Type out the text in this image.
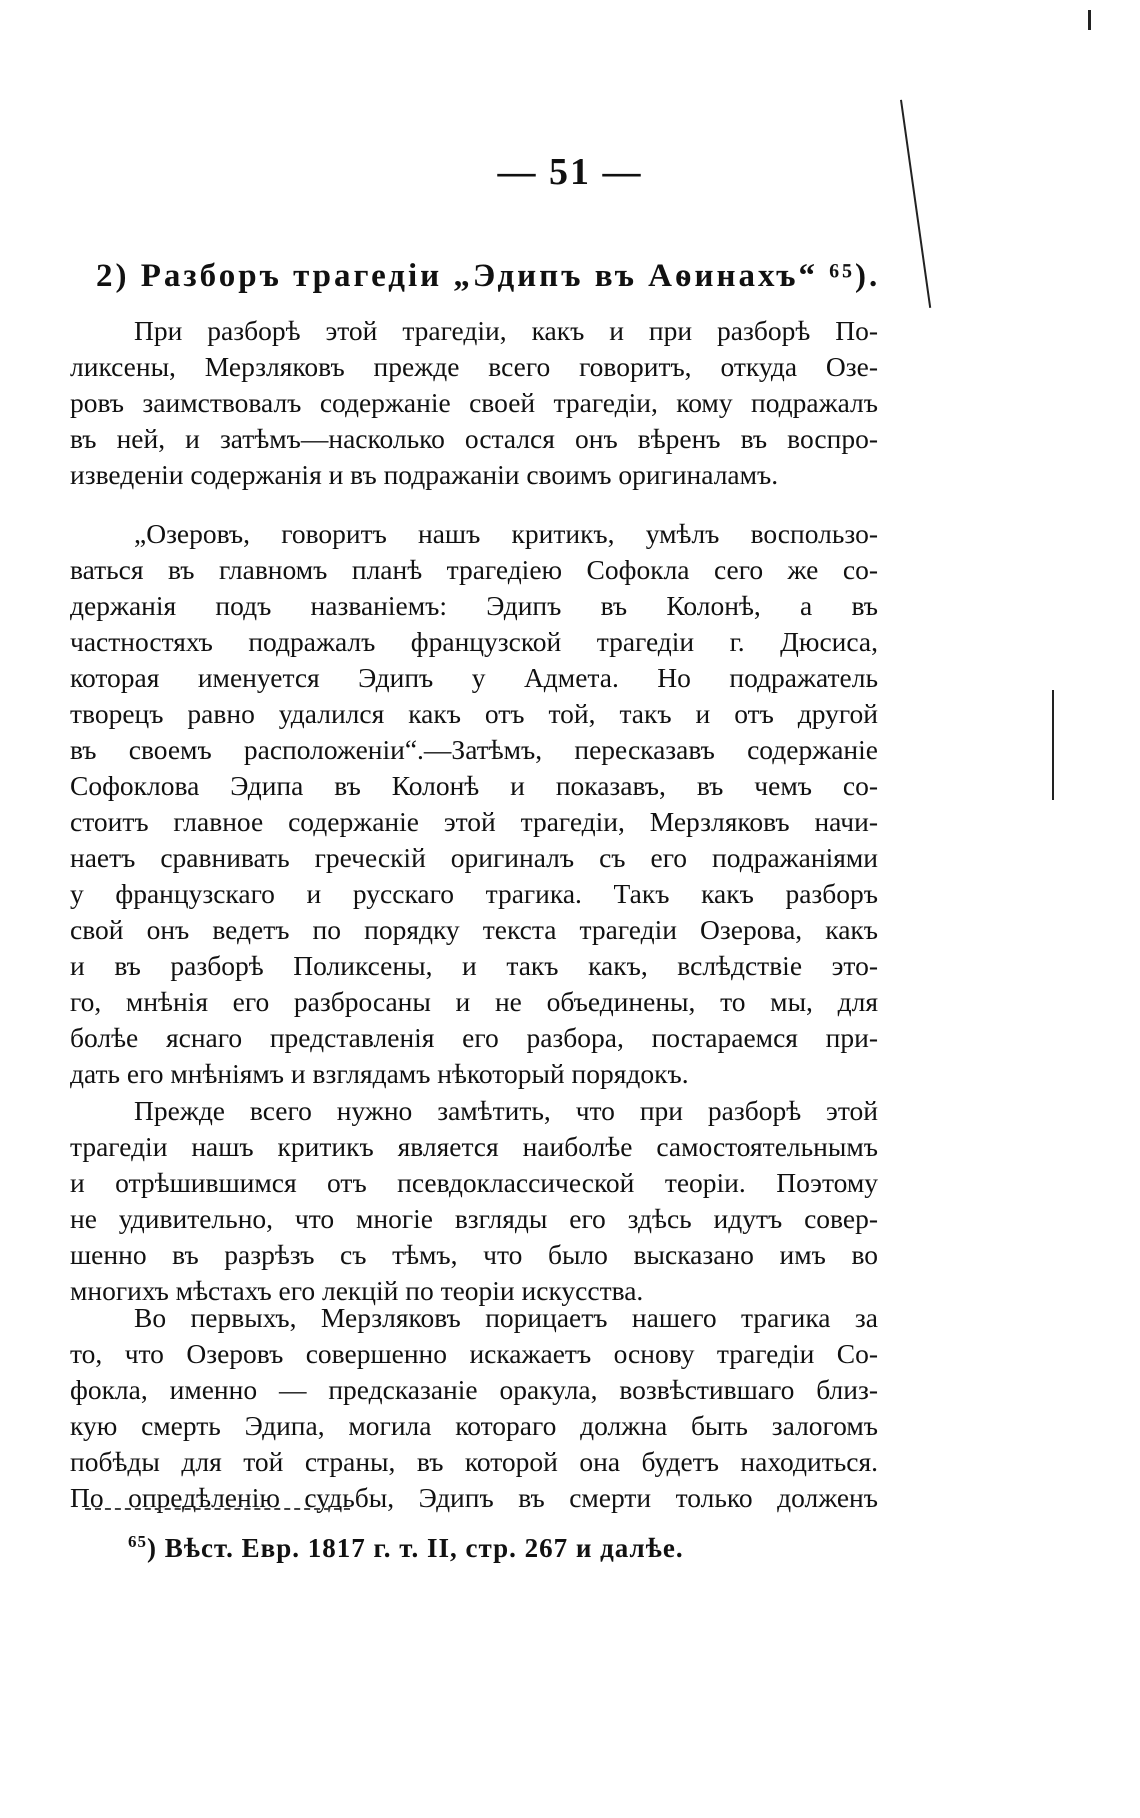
— 51 —
2) Разборъ трагедіи „Эдипъ въ Аѳинахъ“ ⁶⁵).
При разборѣ этой трагедіи, какъ и при разборѣ По-
ликсены, Мерзляковъ прежде всего говоритъ, откуда Озе-
ровъ заимствовалъ содержаніе своей трагедіи, кому подражалъ
въ ней, и затѣмъ—насколько остался онъ вѣренъ въ воспро-
изведеніи содержанія и въ подражаніи своимъ оригиналамъ.
„Озеровъ, говоритъ нашъ критикъ, умѣлъ воспользо-
ваться въ главномъ планѣ трагедіею Софокла сего же со-
держанія подъ названіемъ: Эдипъ въ Колонѣ, а въ
частностяхъ подражалъ французской трагедіи г. Дюсиса,
которая именуется Эдипъ у Адмета. Но подражатель
творецъ равно удалился какъ отъ той, такъ и отъ другой
въ своемъ расположеніи“.—Затѣмъ, пересказавъ содержаніе
Софоклова Эдипа въ Колонѣ и показавъ, въ чемъ со-
стоитъ главное содержаніе этой трагедіи, Мерзляковъ начи-
наетъ сравнивать греческій оригиналъ съ его подражаніями
у французскаго и русскаго трагика. Такъ какъ разборъ
свой онъ ведетъ по порядку текста трагедіи Озерова, какъ
и въ разборѣ Поликсены, и такъ какъ, вслѣдствіе это-
го, мнѣнія его разбросаны и не объединены, то мы, для
болѣе яснаго представленія его разбора, постараемся при-
дать его мнѣніямъ и взглядамъ нѣкоторый порядокъ.
Прежде всего нужно замѣтить, что при разборѣ этой
трагедіи нашъ критикъ является наиболѣе самостоятельнымъ
и отрѣшившимся отъ псевдоклассической теоріи. Поэтому
не удивительно, что многіе взгляды его здѣсь идутъ совер-
шенно въ разрѣзъ съ тѣмъ, что было высказано имъ во
многихъ мѣстахъ его лекцій по теоріи искусства.
Во первыхъ, Мерзляковъ порицаетъ нашего трагика за
то, что Озеровъ совершенно искажаетъ основу трагедіи Со-
фокла, именно — предсказаніе оракула, возвѣстившаго близ-
кую смерть Эдипа, могила котораго должна быть залогомъ
побѣды для той страны, въ которой она будетъ находиться.
По опредѣленію судьбы, Эдипъ въ смерти только долженъ
$^{65}$) Вѣст. Евр. 1817 г. т. II, стр. 267 и далѣе.
